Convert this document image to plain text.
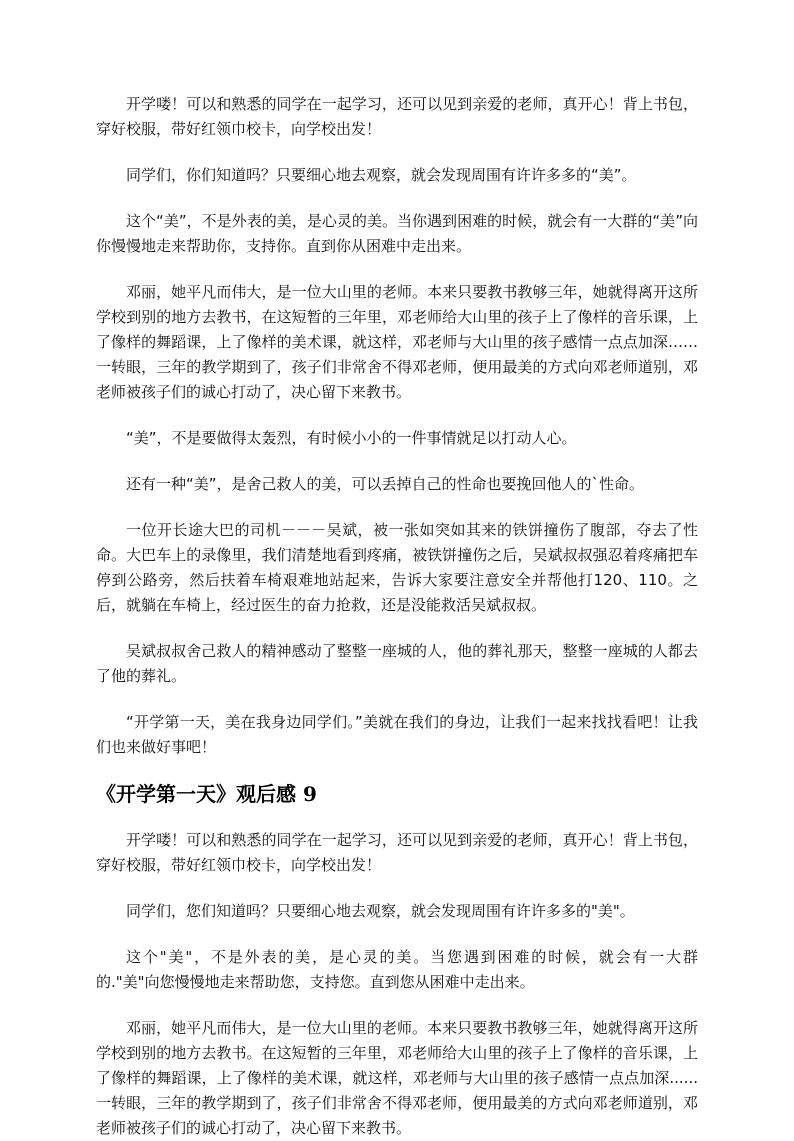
开学喽！可以和熟悉的同学在一起学习，还可以见到亲爱的老师，真开心！背上书包，穿好校服，带好红领巾校卡，向学校出发！

同学们，你们知道吗？只要细心地去观察，就会发现周围有许许多多的“美”。

这个“美”，不是外表的美，是心灵的美。当你遇到困难的时候，就会有一大群的“美”向你慢慢地走来帮助你，支持你。直到你从困难中走出来。

邓丽，她平凡而伟大，是一位大山里的老师。本来只要教书教够三年，她就得离开这所学校到别的地方去教书，在这短暂的三年里，邓老师给大山里的孩子上了像样的音乐课，上了像样的舞蹈课，上了像样的美术课，就这样，邓老师与大山里的孩子感情一点点加深……一转眼，三年的教学期到了，孩子们非常舍不得邓老师，便用最美的方式向邓老师道别，邓老师被孩子们的诚心打动了，决心留下来教书。

“美”，不是要做得太轰烈，有时候小小的一件事情就足以打动人心。

还有一种“美”，是舍己救人的美，可以丢掉自己的性命也要挽回他人的`性命。

一位开长途大巴的司机－－－吴斌，被一张如突如其来的铁饼撞伤了腹部，夺去了性命。大巴车上的录像里，我们清楚地看到疼痛，被铁饼撞伤之后，吴斌叔叔强忍着疼痛把车停到公路旁，然后扶着车椅艰难地站起来，告诉大家要注意安全并帮他打120、110。之后，就躺在车椅上，经过医生的奋力抢救，还是没能救活吴斌叔叔。

吴斌叔叔舍己救人的精神感动了整整一座城的人，他的葬礼那天，整整一座城的人都去了他的葬礼。

“开学第一天，美在我身边同学们。”美就在我们的身边，让我们一起来找找看吧！让我们也来做好事吧！

《开学第一天》观后感 9

开学喽！可以和熟悉的同学在一起学习，还可以见到亲爱的老师，真开心！背上书包，穿好校服，带好红领巾校卡，向学校出发！

同学们，您们知道吗？只要细心地去观察，就会发现周围有许许多多的"美"。

这个"美"，不是外表的美，是心灵的美。当您遇到困难的时候，就会有一大群的."美"向您慢慢地走来帮助您，支持您。直到您从困难中走出来。

邓丽，她平凡而伟大，是一位大山里的老师。本来只要教书教够三年，她就得离开这所学校到别的地方去教书。在这短暂的三年里，邓老师给大山里的孩子上了像样的音乐课，上了像样的舞蹈课，上了像样的美术课，就这样，邓老师与大山里的孩子感情一点点加深......一转眼，三年的教学期到了，孩子们非常舍不得邓老师，便用最美的方式向邓老师道别，邓老师被孩子们的诚心打动了，决心留下来教书。
